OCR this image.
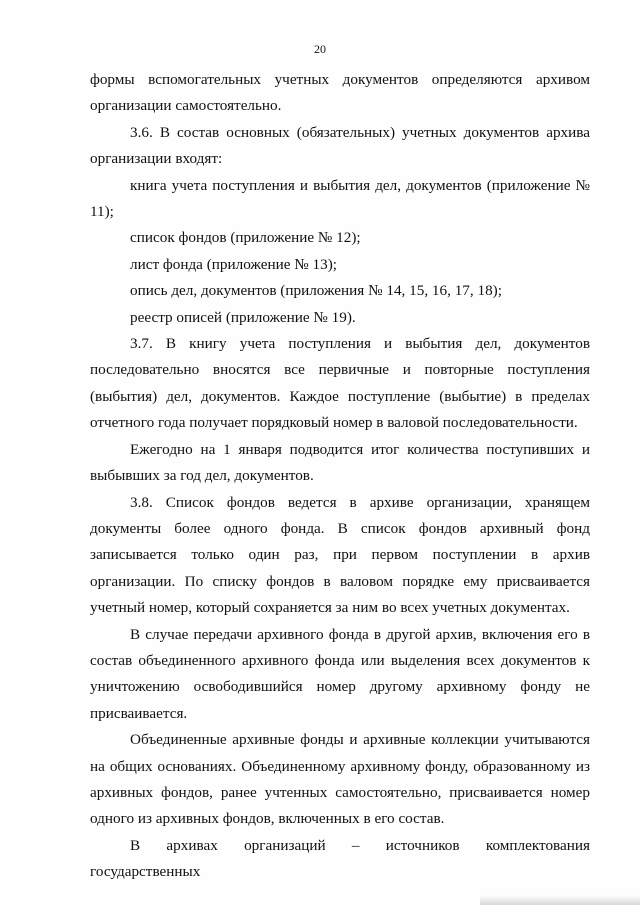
20

формы вспомогательных учетных документов определяются архивом организации самостоятельно.

3.6. В состав основных (обязательных) учетных документов архива организации входят:

книга учета поступления и выбытия дел, документов (приложение № 11);

список фондов (приложение № 12);

лист фонда (приложение № 13);

опись дел, документов (приложения № 14, 15, 16, 17, 18);

реестр описей (приложение № 19).

3.7. В книгу учета поступления и выбытия дел, документов последовательно вносятся все первичные и повторные поступления (выбытия) дел, документов. Каждое поступление (выбытие) в пределах отчетного года получает порядковый номер в валовой последовательности.

Ежегодно на 1 января подводится итог количества поступивших и выбывших за год дел, документов.

3.8. Список фондов ведется в архиве организации, хранящем документы более одного фонда. В список фондов архивный фонд записывается только один раз, при первом поступлении в архив организации. По списку фондов в валовом порядке ему присваивается учетный номер, который сохраняется за ним во всех учетных документах.

В случае передачи архивного фонда в другой архив, включения его в состав объединенного архивного фонда или выделения всех документов к уничтожению освободившийся номер другому архивному фонду не присваивается.

Объединенные архивные фонды и архивные коллекции учитываются на общих основаниях. Объединенному архивному фонду, образованному из архивных фондов, ранее учтенных самостоятельно, присваивается номер одного из архивных фондов, включенных в его состав.

В архивах организаций – источников комплектования государственных
